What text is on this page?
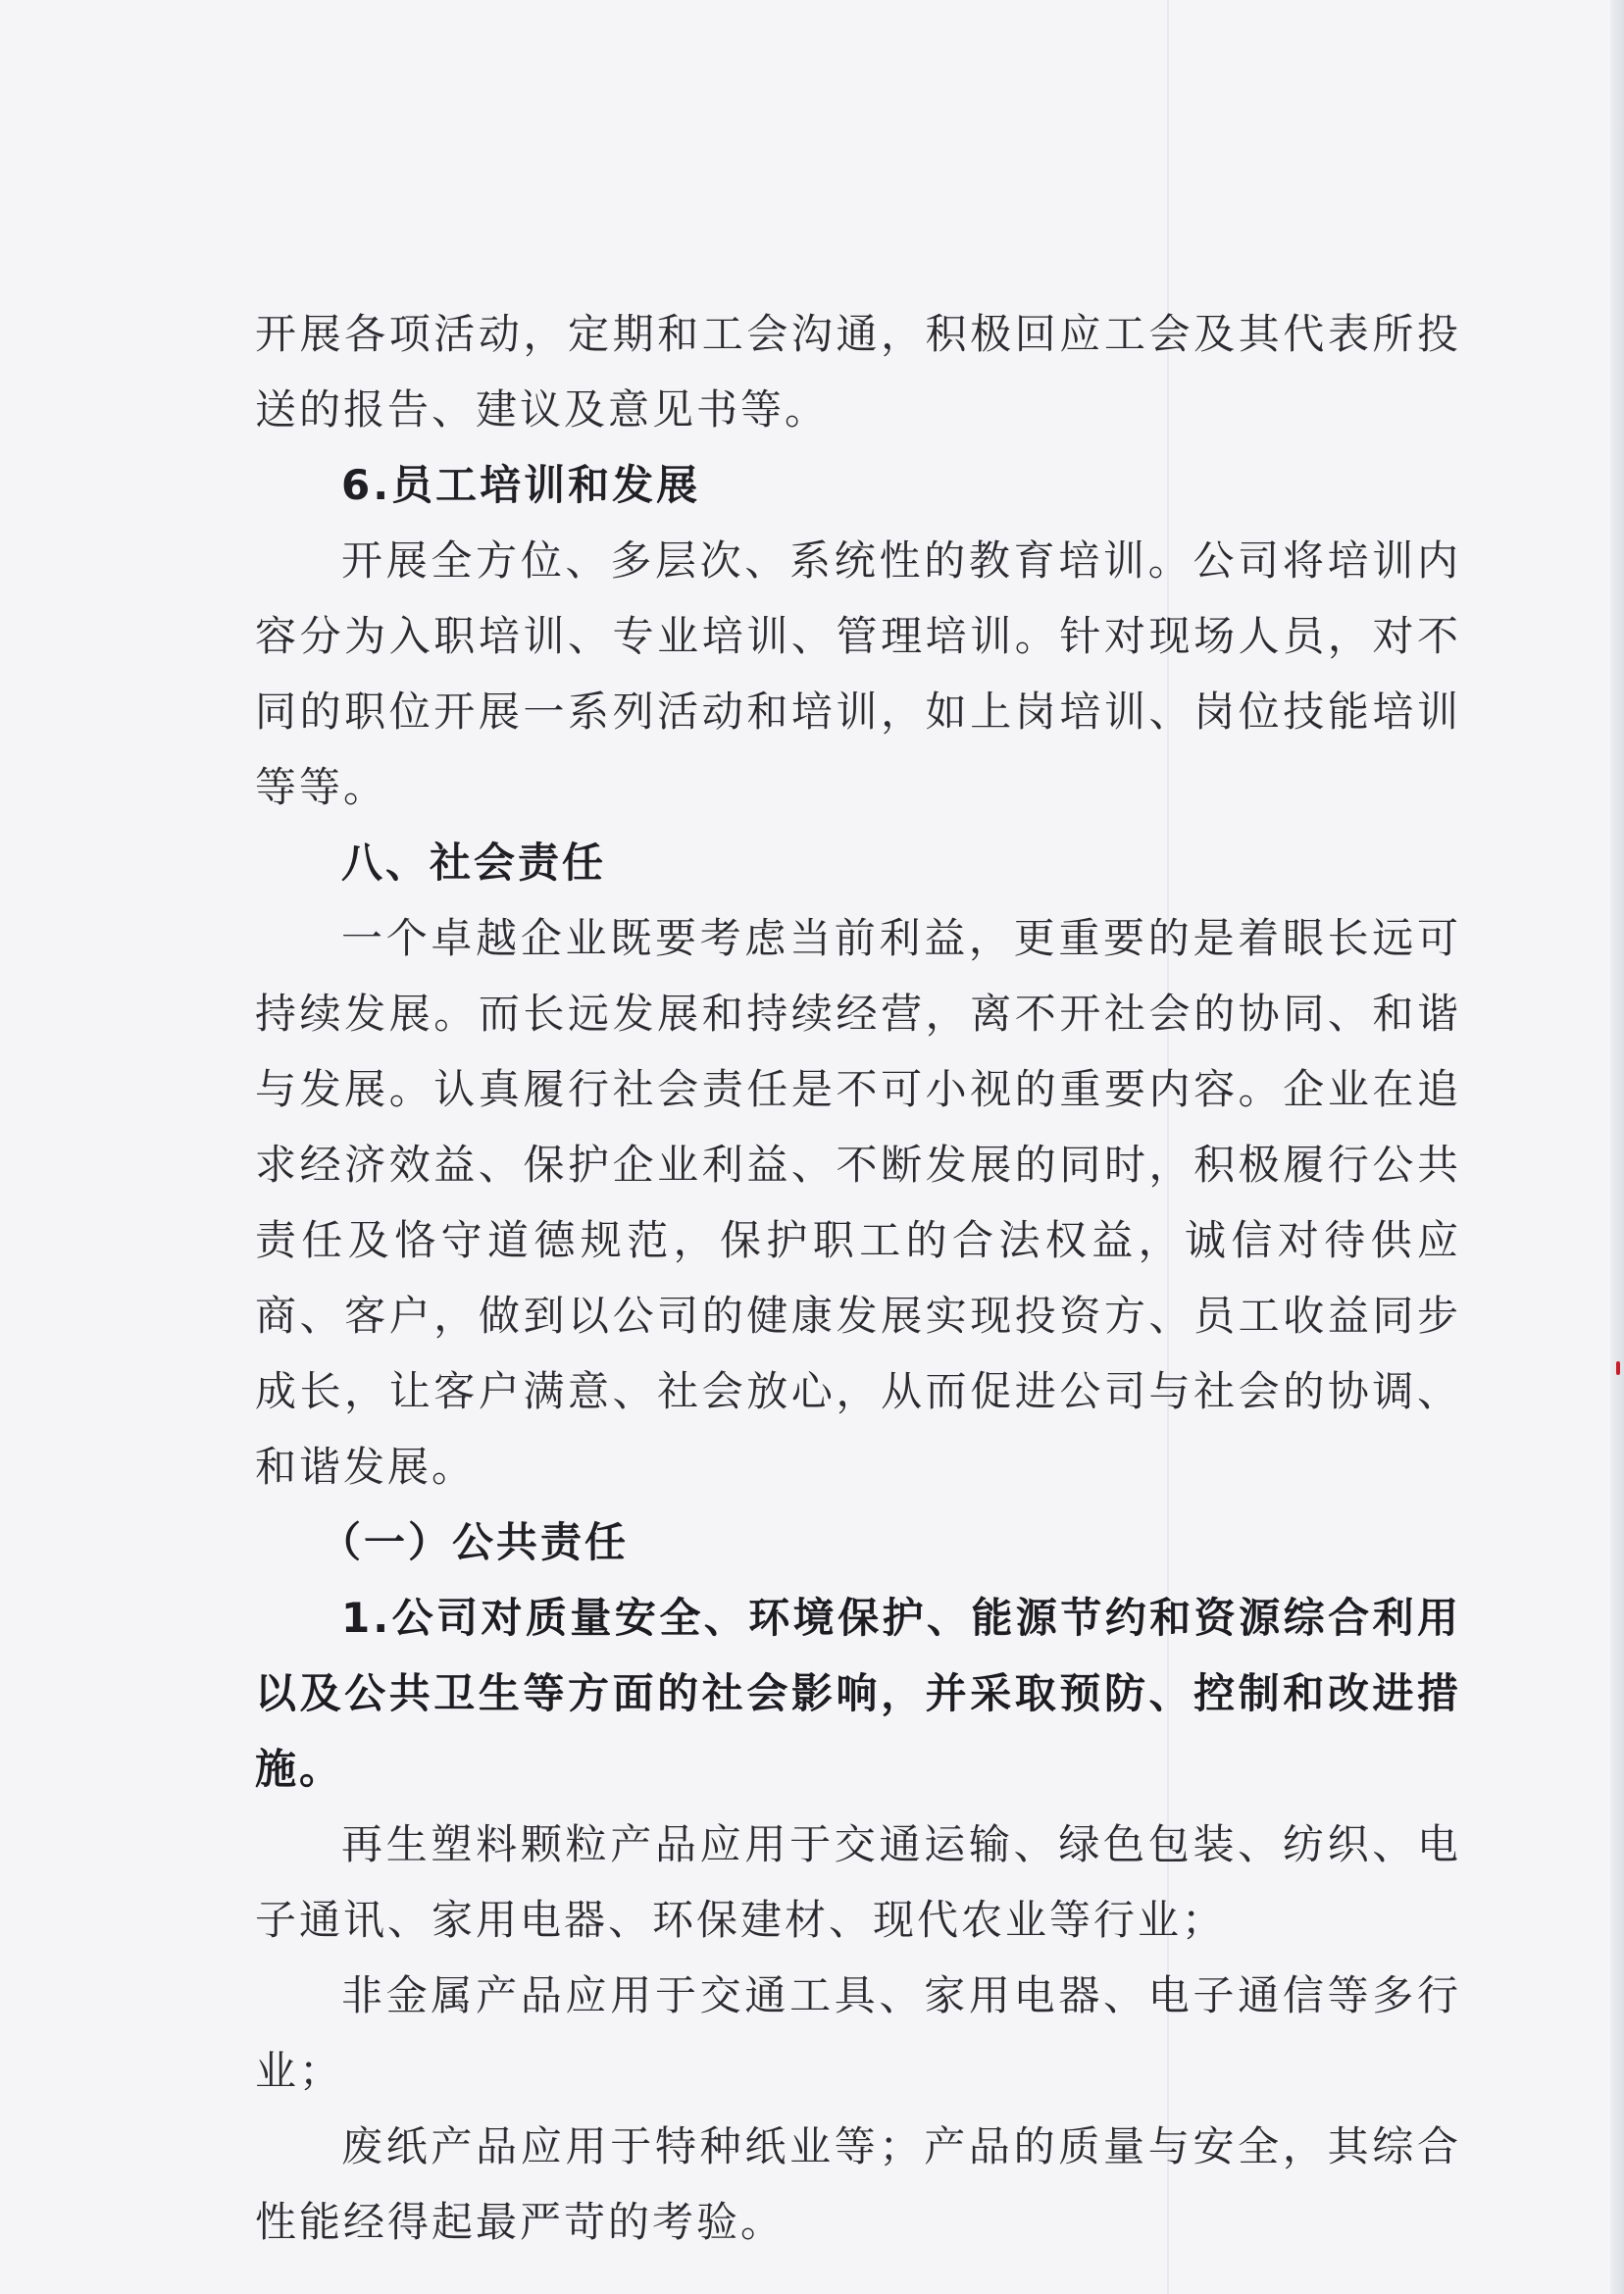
开展各项活动，定期和工会沟通，积极回应工会及其代表所投送的报告、建议及意见书等。

6.员工培训和发展

开展全方位、多层次、系统性的教育培训。公司将培训内容分为入职培训、专业培训、管理培训。针对现场人员，对不同的职位开展一系列活动和培训，如上岗培训、岗位技能培训等等。

八、社会责任

一个卓越企业既要考虑当前利益，更重要的是着眼长远可持续发展。而长远发展和持续经营，离不开社会的协同、和谐与发展。认真履行社会责任是不可小视的重要内容。企业在追求经济效益、保护企业利益、不断发展的同时，积极履行公共责任及恪守道德规范，保护职工的合法权益，诚信对待供应商、客户，做到以公司的健康发展实现投资方、员工收益同步成长，让客户满意、社会放心，从而促进公司与社会的协调、和谐发展。

（一）公共责任

1.公司对质量安全、环境保护、能源节约和资源综合利用以及公共卫生等方面的社会影响，并采取预防、控制和改进措施。

再生塑料颗粒产品应用于交通运输、绿色包装、纺织、电子通讯、家用电器、环保建材、现代农业等行业；

非金属产品应用于交通工具、家用电器、电子通信等多行业；

废纸产品应用于特种纸业等；产品的质量与安全，其综合性能经得起最严苛的考验。
